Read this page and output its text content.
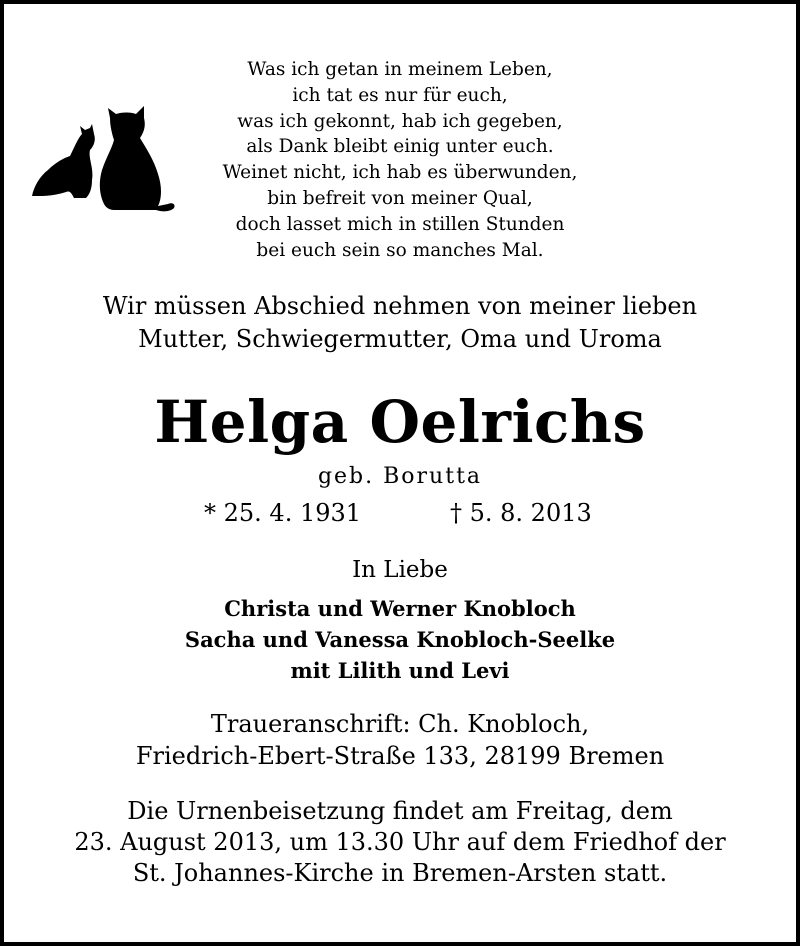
Was ich getan in meinem Leben,
ich tat es nur für euch,
was ich gekonnt, hab ich gegeben,
als Dank bleibt einig unter euch.
Weinet nicht, ich hab es überwunden,
bin befreit von meiner Qual,
doch lasset mich in stillen Stunden
bei euch sein so manches Mal.
Wir müssen Abschied nehmen von meiner lieben
Mutter, Schwiegermutter, Oma und Uroma
Helga Oelrichs
geb. Borutta
* 25. 4. 1931	† 5. 8. 2013
In Liebe
Christa und Werner Knobloch
Sacha und Vanessa Knobloch-Seelke
mit Lilith und Levi
Traueranschrift: Ch. Knobloch,
Friedrich-Ebert-Straße 133, 28199 Bremen
Die Urnenbeisetzung findet am Freitag, dem
23. August 2013, um 13.30 Uhr auf dem Friedhof der
St. Johannes-Kirche in Bremen-Arsten statt.
